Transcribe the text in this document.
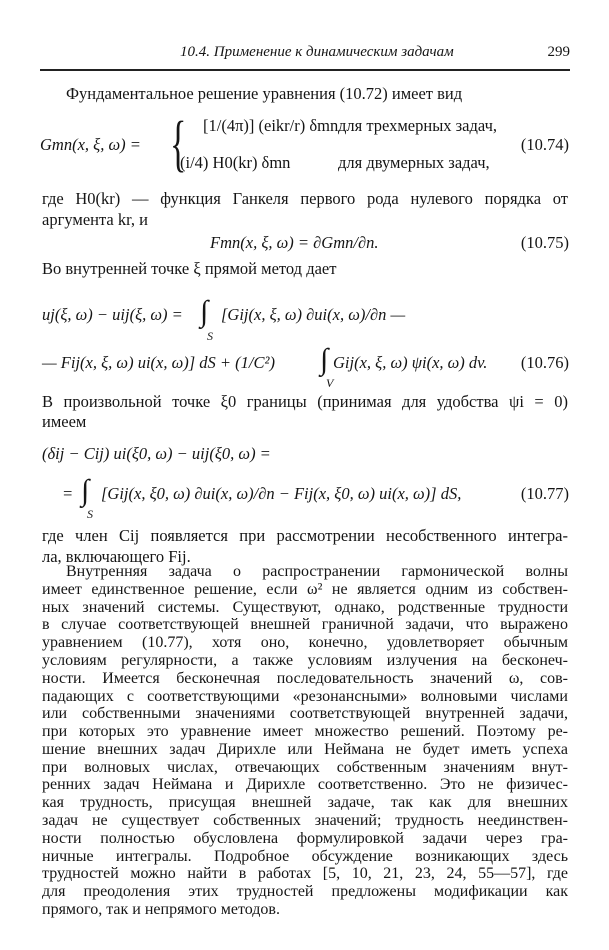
10.4. Применение к динамическим задачам	299
Фундаментальное решение уравнения (10.72) имеет вид
Gmn(x, ξ, ω) = { [1/(4π)] (eikr/r) δmn для трехмерных задач,
(i/4) H0(kr) δmn	для двумерных задач,
(10.74)
где H0(kr) — функция Ганкеля первого рода нулевого порядка от
аргумента kr, и
Fmn(x, ξ, ω) = ∂Gmn/∂n.	(10.75)
Во внутренней точке ξ прямой метод дает
uj(ξ, ω) − uij(ξ, ω) = ∫
S
[Gij(x, ξ, ω) ∂ui(x, ω)/∂n —
— Fij(x, ξ, ω) ui(x, ω)] dS + (1/C²) ∫
V
Gij(x, ξ, ω) ψi(x, ω) dv. (10.76)
В произвольной точке ξ0 границы (принимая для удобства ψi = 0)
имеем
(δij − Cij) ui(ξ0, ω) − uij(ξ0, ω) =
= ∫
S
[Gij(x, ξ0, ω) ∂ui(x, ω)/∂n − Fij(x, ξ0, ω) ui(x, ω)] dS,	(10.77)
где член Cij появляется при рассмотрении несобственного интегра-
ла, включающего Fij.
Внутренняя задача о распространении гармонической волны
имеет единственное решение, если ω² не является одним из собствен-
ных значений системы. Существуют, однако, родственные трудности
в случае соответствующей внешней граничной задачи, что выражено
уравнением (10.77), хотя оно, конечно, удовлетворяет обычным
условиям регулярности, а также условиям излучения на бесконеч-
ности. Имеется бесконечная последовательность значений ω, сов-
падающих с соответствующими «резонансными» волновыми числами
или собственными значениями соответствующей внутренней задачи,
при которых это уравнение имеет множество решений. Поэтому ре-
шение внешних задач Дирихле или Неймана не будет иметь успеха
при волновых числах, отвечающих собственным значениям внут-
ренних задач Неймана и Дирихле соответственно. Это не физичес-
кая трудность, присущая внешней задаче, так как для внешних
задач не существует собственных значений; трудность неединствен-
ности полностью обусловлена формулировкой задачи через гра-
ничные интегралы. Подробное обсуждение возникающих здесь
трудностей можно найти в работах [5, 10, 21, 23, 24, 55—57], где
для преодоления этих трудностей предложены модификации как
прямого, так и непрямого методов.
